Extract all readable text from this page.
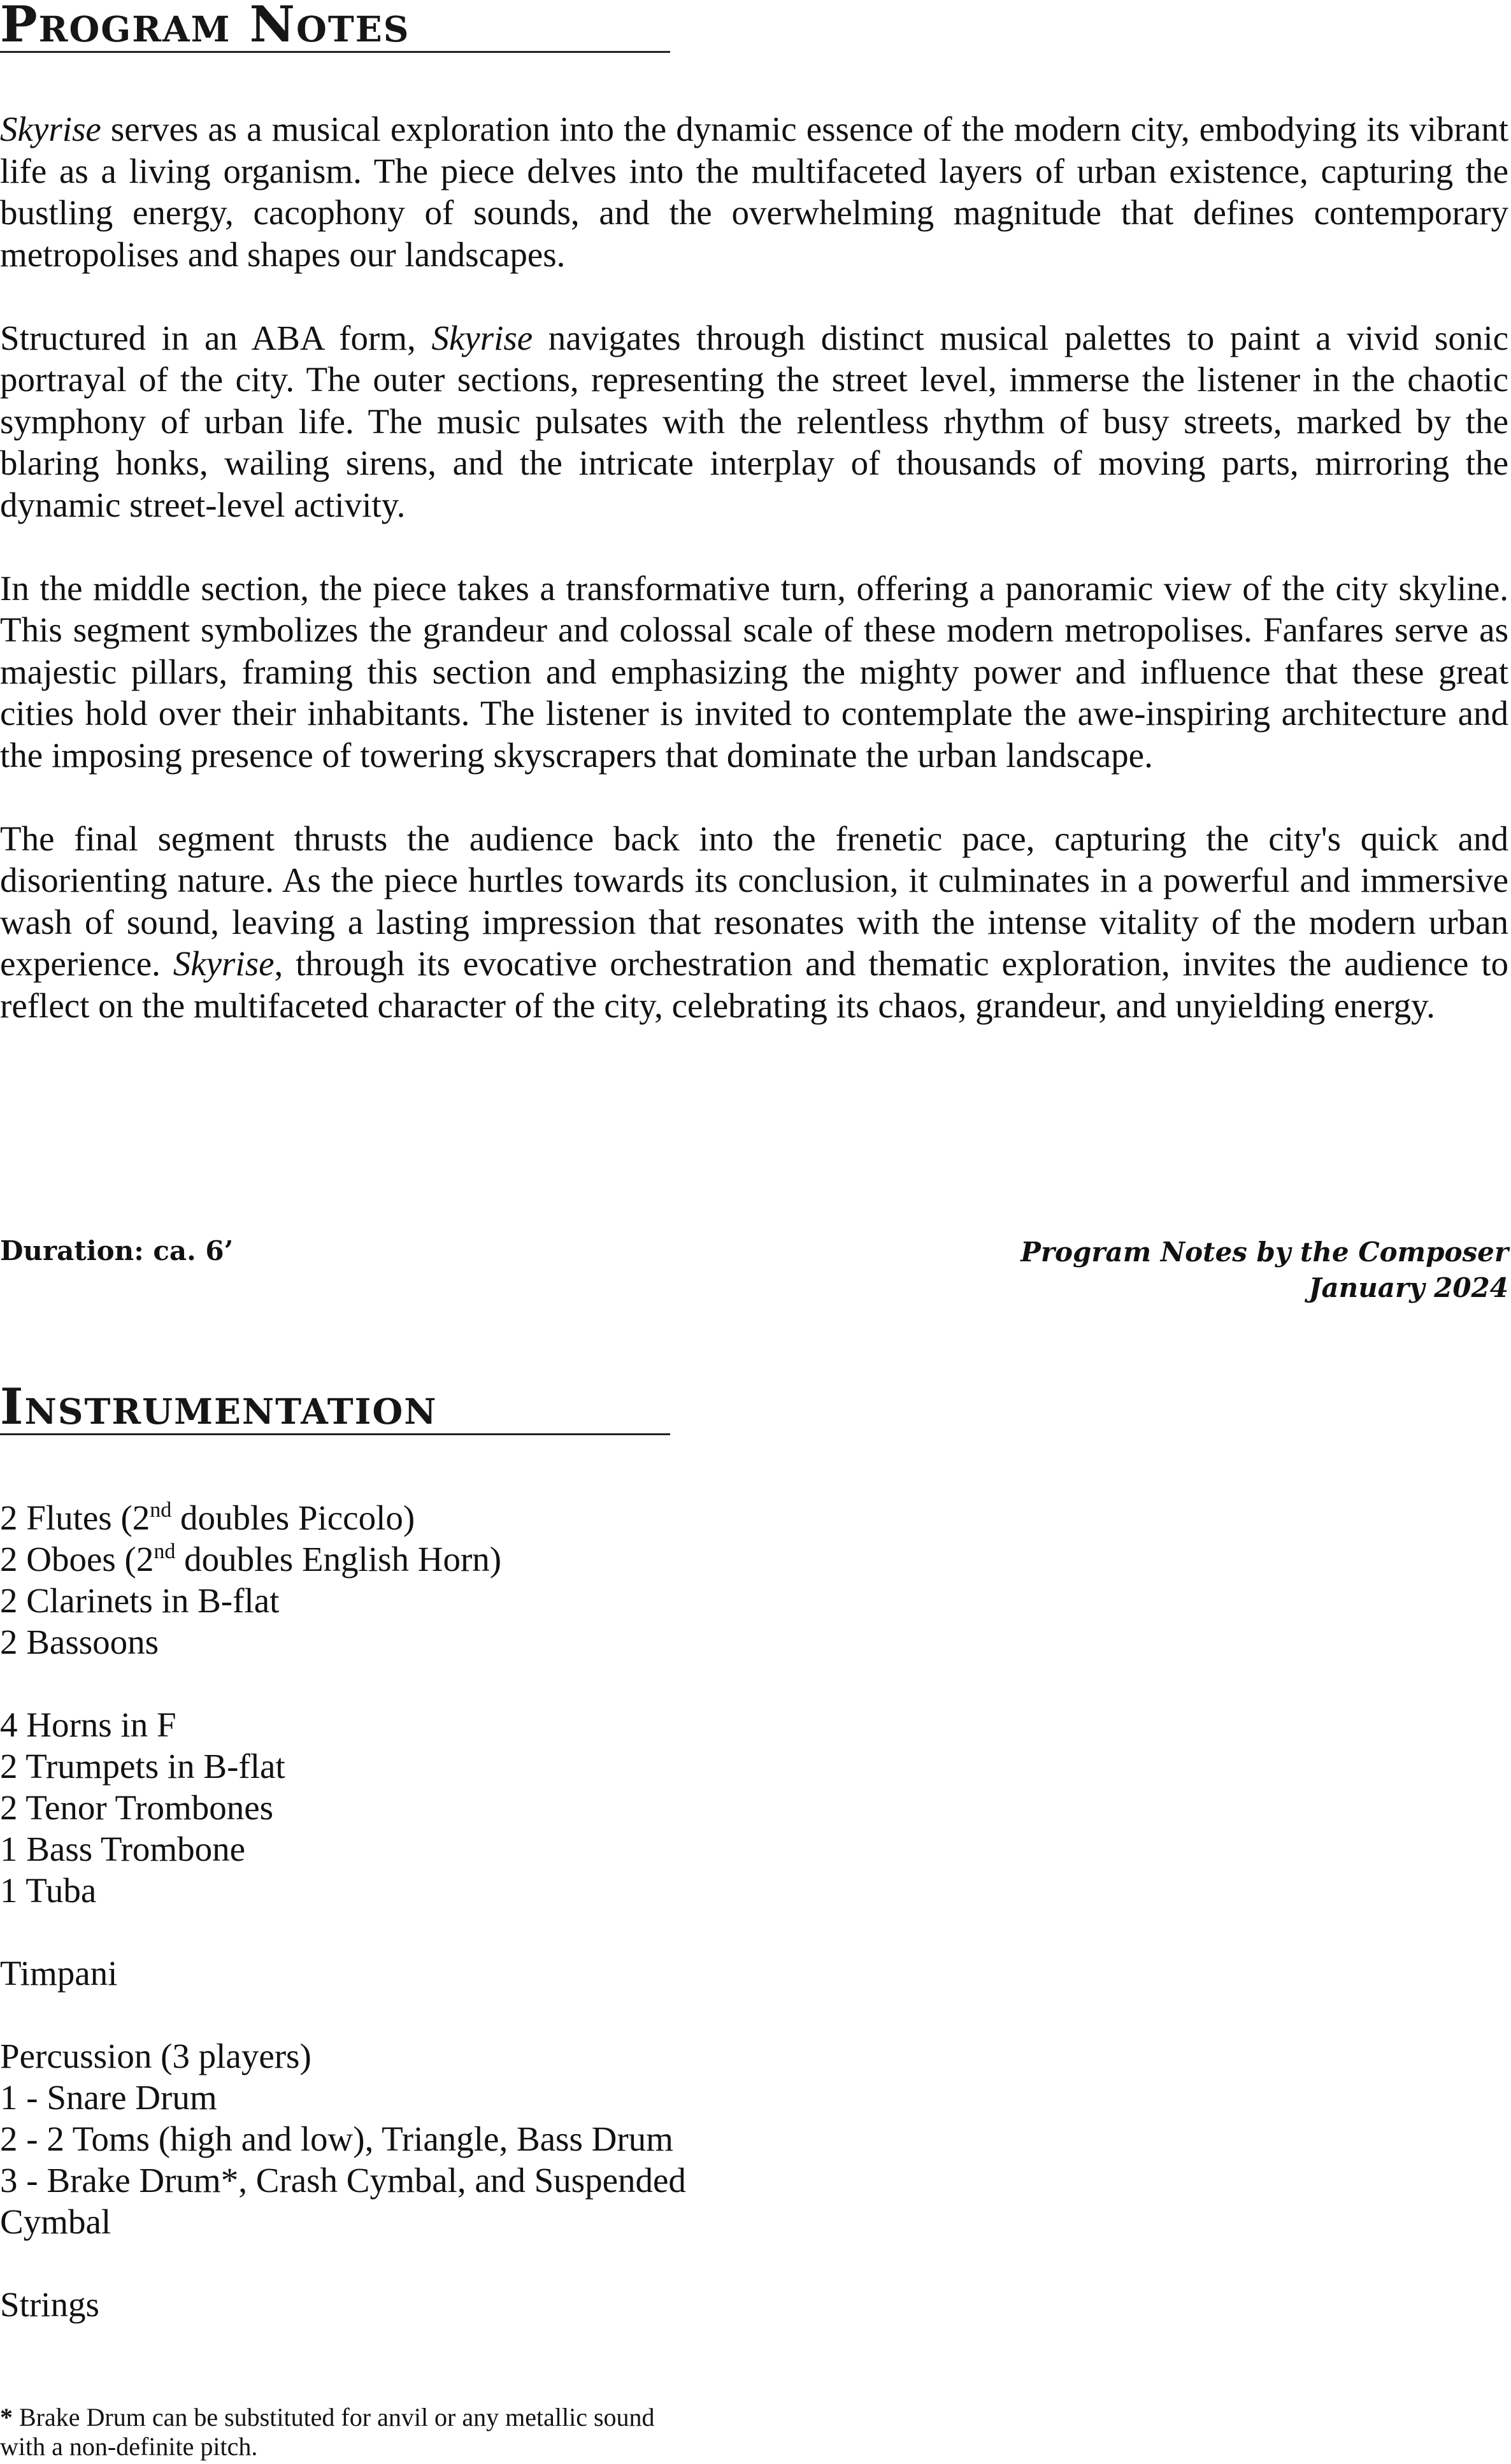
Program Notes

Skyrise serves as a musical exploration into the dynamic essence of the modern city, embodying its vibrant life as a living organism. The piece delves into the multifaceted layers of urban existence, capturing the bustling energy, cacophony of sounds, and the overwhelming magnitude that defines contemporary metropolises and shapes our landscapes.

Structured in an ABA form, Skyrise navigates through distinct musical palettes to paint a vivid sonic portrayal of the city. The outer sections, representing the street level, immerse the listener in the chaotic symphony of urban life. The music pulsates with the relentless rhythm of busy streets, marked by the blaring honks, wailing sirens, and the intricate interplay of thousands of moving parts, mirroring the dynamic street-level activity.

In the middle section, the piece takes a transformative turn, offering a panoramic view of the city skyline. This segment symbolizes the grandeur and colossal scale of these modern metropolises. Fanfares serve as majestic pillars, framing this section and emphasizing the mighty power and influence that these great cities hold over their inhabitants. The listener is invited to contemplate the awe-inspiring architecture and the imposing presence of towering skyscrapers that dominate the urban landscape.

The final segment thrusts the audience back into the frenetic pace, capturing the city's quick and disorienting nature. As the piece hurtles towards its conclusion, it culminates in a powerful and immersive wash of sound, leaving a lasting impression that resonates with the intense vitality of the modern urban experience. Skyrise, through its evocative orchestration and thematic exploration, invites the audience to reflect on the multifaceted character of the city, celebrating its chaos, grandeur, and unyielding energy.

Duration: ca. 6’	Program Notes by the Composer
January 2024
Instrumentation
2 Flutes (2nd doubles Piccolo)
2 Oboes (2nd doubles English Horn)
2 Clarinets in B-flat
2 Bassoons
4 Horns in F
2 Trumpets in B-flat
2 Tenor Trombones
1 Bass Trombone
1 Tuba
Timpani
Percussion (3 players)
1 - Snare Drum
2 - 2 Toms (high and low), Triangle, Bass Drum
3 - Brake Drum*, Crash Cymbal, and Suspended Cymbal
Strings
* Brake Drum can be substituted for anvil or any metallic sound with a non-definite pitch.
